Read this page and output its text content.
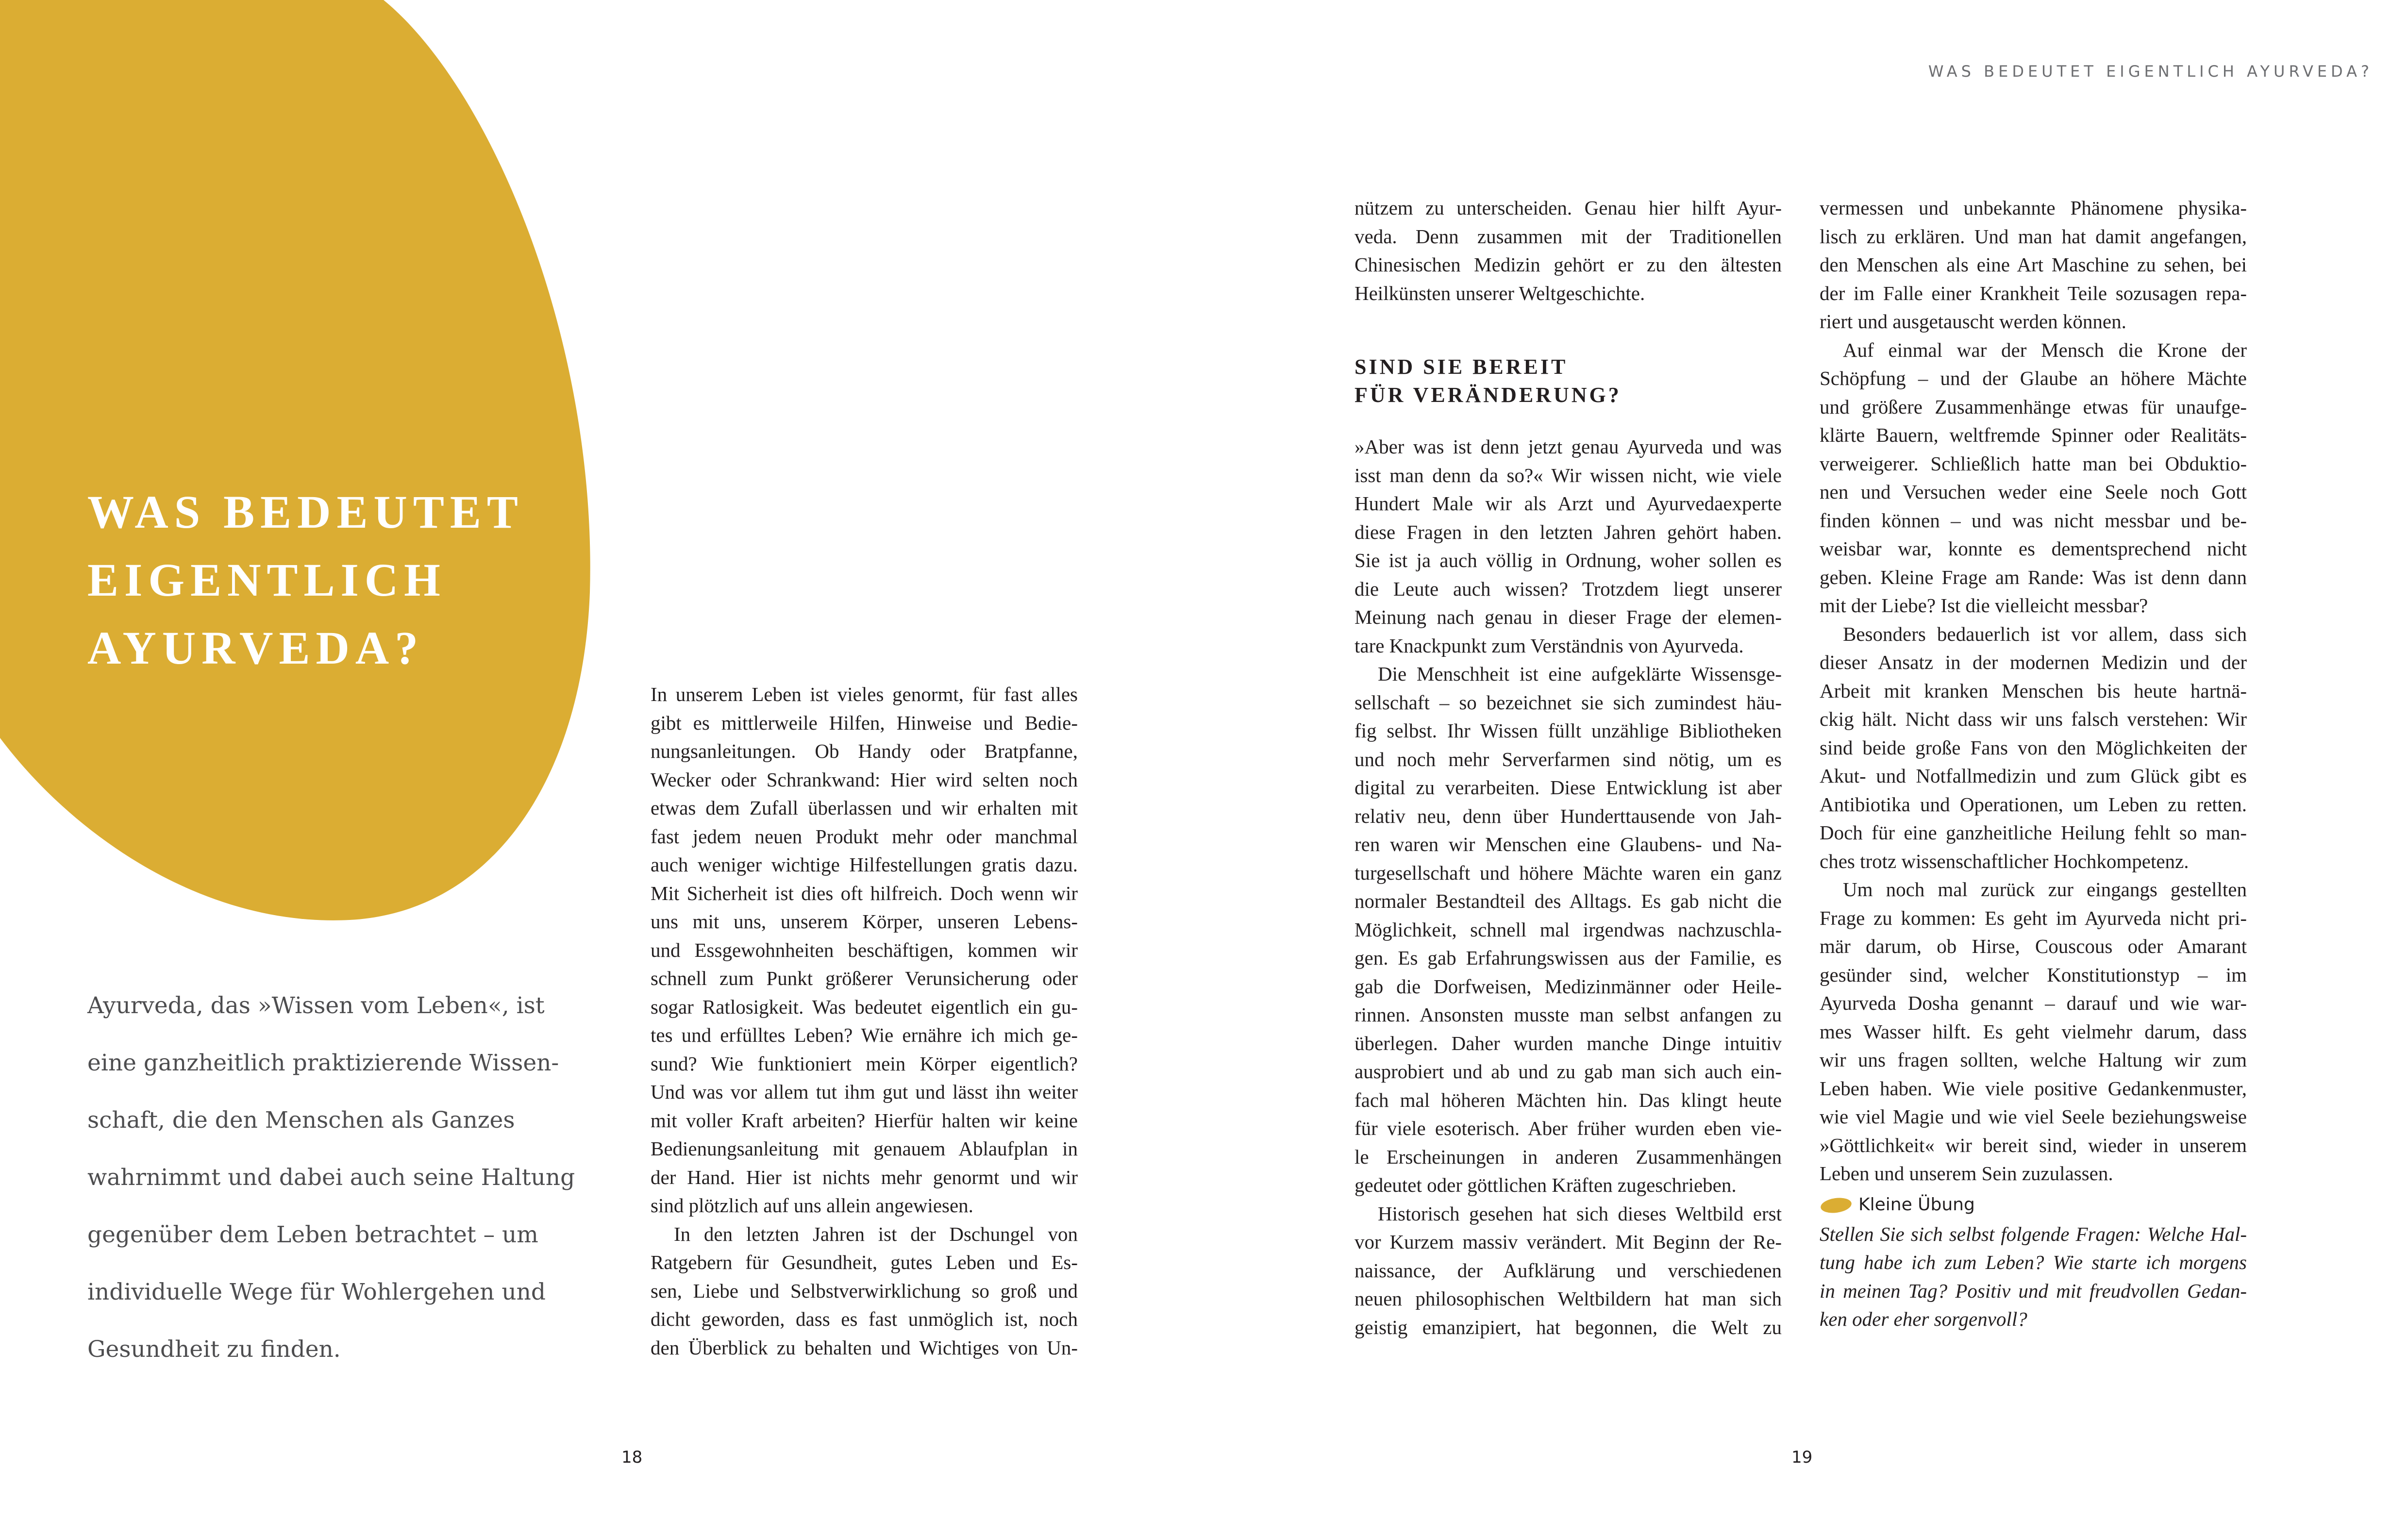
WAS BEDEUTET EIGENTLICH AYURVEDA?
WAS BEDEUTET
EIGENTLICH
AYURVEDA?
Ayurveda, das »Wissen vom Leben«, ist
eine ganzheitlich praktizierende Wissen-
schaft, die den Menschen als Ganzes
wahrnimmt und dabei auch seine Haltung
gegenüber dem Leben betrachtet – um
individuelle Wege für Wohlergehen und
Gesundheit zu finden.
In unserem Leben ist vieles genormt, für fast alles
gibt es mittlerweile Hilfen, Hinweise und Bedie-
nungsanleitungen. Ob Handy oder Bratpfanne,
Wecker oder Schrankwand: Hier wird selten noch
etwas dem Zufall überlassen und wir erhalten mit
fast jedem neuen Produkt mehr oder manchmal
auch weniger wichtige Hilfestellungen gratis dazu.
Mit Sicherheit ist dies oft hilfreich. Doch wenn wir
uns mit uns, unserem Körper, unseren Lebens-
und Essgewohnheiten beschäftigen, kommen wir
schnell zum Punkt größerer Verunsicherung oder
sogar Ratlosigkeit. Was bedeutet eigentlich ein gu-
tes und erfülltes Leben? Wie ernähre ich mich ge-
sund? Wie funktioniert mein Körper eigentlich?
Und was vor allem tut ihm gut und lässt ihn weiter
mit voller Kraft arbeiten? Hierfür halten wir keine
Bedienungsanleitung mit genauem Ablaufplan in
der Hand. Hier ist nichts mehr genormt und wir
sind plötzlich auf uns allein angewiesen.
In den letzten Jahren ist der Dschungel von
Ratgebern für Gesundheit, gutes Leben und Es-
sen, Liebe und Selbstverwirklichung so groß und
dicht geworden, dass es fast unmöglich ist, noch
den Überblick zu behalten und Wichtiges von Un-
nützem zu unterscheiden. Genau hier hilft Ayur-
veda. Denn zusammen mit der Traditionellen
Chinesischen Medizin gehört er zu den ältesten
Heilkünsten unserer Weltgeschichte.
SIND SIE BEREIT
FÜR VERÄNDERUNG?
»Aber was ist denn jetzt genau Ayurveda und was
isst man denn da so?« Wir wissen nicht, wie viele
Hundert Male wir als Arzt und Ayurvedaexperte
diese Fragen in den letzten Jahren gehört haben.
Sie ist ja auch völlig in Ordnung, woher sollen es
die Leute auch wissen? Trotzdem liegt unserer
Meinung nach genau in dieser Frage der elemen-
tare Knackpunkt zum Verständnis von Ayurveda.
Die Menschheit ist eine aufgeklärte Wissensge-
sellschaft – so bezeichnet sie sich zumindest häu-
fig selbst. Ihr Wissen füllt unzählige Bibliotheken
und noch mehr Serverfarmen sind nötig, um es
digital zu verarbeiten. Diese Entwicklung ist aber
relativ neu, denn über Hunderttausende von Jah-
ren waren wir Menschen eine Glaubens- und Na-
turgesellschaft und höhere Mächte waren ein ganz
normaler Bestandteil des Alltags. Es gab nicht die
Möglichkeit, schnell mal irgendwas nachzuschla-
gen. Es gab Erfahrungswissen aus der Familie, es
gab die Dorfweisen, Medizinmänner oder Heile-
rinnen. Ansonsten musste man selbst anfangen zu
überlegen. Daher wurden manche Dinge intuitiv
ausprobiert und ab und zu gab man sich auch ein-
fach mal höheren Mächten hin. Das klingt heute
für viele esoterisch. Aber früher wurden eben vie-
le Erscheinungen in anderen Zusammenhängen
gedeutet oder göttlichen Kräften zugeschrieben.
Historisch gesehen hat sich dieses Weltbild erst
vor Kurzem massiv verändert. Mit Beginn der Re-
naissance, der Aufklärung und verschiedenen
neuen philosophischen Weltbildern hat man sich
geistig emanzipiert, hat begonnen, die Welt zu
vermessen und unbekannte Phänomene physika-
lisch zu erklären. Und man hat damit angefangen,
den Menschen als eine Art Maschine zu sehen, bei
der im Falle einer Krankheit Teile sozusagen repa-
riert und ausgetauscht werden können.
Auf einmal war der Mensch die Krone der
Schöpfung – und der Glaube an höhere Mächte
und größere Zusammenhänge etwas für unaufge-
klärte Bauern, weltfremde Spinner oder Realitäts-
verweigerer. Schließlich hatte man bei Obduktio-
nen und Versuchen weder eine Seele noch Gott
finden können – und was nicht messbar und be-
weisbar war, konnte es dementsprechend nicht
geben. Kleine Frage am Rande: Was ist denn dann
mit der Liebe? Ist die vielleicht messbar?
Besonders bedauerlich ist vor allem, dass sich
dieser Ansatz in der modernen Medizin und der
Arbeit mit kranken Menschen bis heute hartnä-
ckig hält. Nicht dass wir uns falsch verstehen: Wir
sind beide große Fans von den Möglichkeiten der
Akut- und Notfallmedizin und zum Glück gibt es
Antibiotika und Operationen, um Leben zu retten.
Doch für eine ganzheitliche Heilung fehlt so man-
ches trotz wissenschaftlicher Hochkompetenz.
Um noch mal zurück zur eingangs gestellten
Frage zu kommen: Es geht im Ayurveda nicht pri-
mär darum, ob Hirse, Couscous oder Amarant
gesünder sind, welcher Konstitutionstyp – im
Ayurveda Dosha genannt – darauf und wie war-
mes Wasser hilft. Es geht vielmehr darum, dass
wir uns fragen sollten, welche Haltung wir zum
Leben haben. Wie viele positive Gedankenmuster,
wie viel Magie und wie viel Seele beziehungsweise
»Göttlichkeit« wir bereit sind, wieder in unserem
Leben und unserem Sein zuzulassen.
Kleine Übung
Stellen Sie sich selbst folgende Fragen: Welche Hal-
tung habe ich zum Leben? Wie starte ich morgens
in meinen Tag? Positiv und mit freudvollen Gedan-
ken oder eher sorgenvoll?
18	19
